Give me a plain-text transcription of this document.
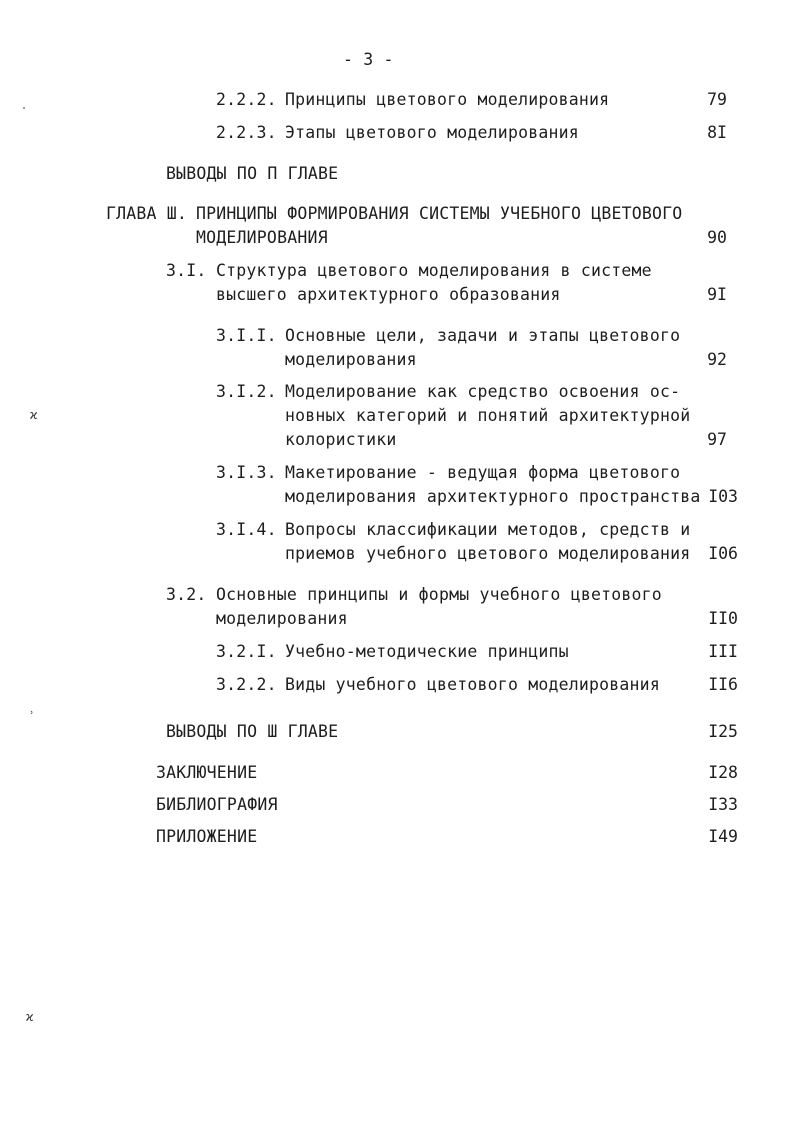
- 3 -
2.2.2. Принципы цветового моделирования	79
2.2.3. Этапы цветового моделирования	8I
ВЫВОДЫ ПО П ГЛАВЕ
ГЛАВА Ш. ПРИНЦИПЫ ФОРМИРОВАНИЯ СИСТЕМЫ УЧЕБНОГО ЦВЕТОВОГО
МОДЕЛИРОВАНИЯ	90
3.I. Структура цветового моделирования в системе
высшего архитектурного образования	9I
3.I.I. Основные цели, задачи и этапы цветового
моделирования	92
3.I.2. Моделирование как средство освоения ос-
новных категорий и понятий архитектурной
колористики	97
3.I.3. Макетирование - ведущая форма цветового
моделирования архитектурного пространства I03
3.I.4. Вопросы классификации методов, средств и
приемов учебного цветового моделирования I06
3.2. Основные принципы и формы учебного цветового
моделирования	II0
3.2.I. Учебно-методические принципы	III
3.2.2. Виды учебного цветового моделирования	II6
ВЫВОДЫ ПО Ш ГЛАВЕ	I25
ЗАКЛЮЧЕНИЕ	I28
БИБЛИОГРАФИЯ	I33
ПРИЛОЖЕНИЕ	I49
˯
ϰ
˒
ϰ
